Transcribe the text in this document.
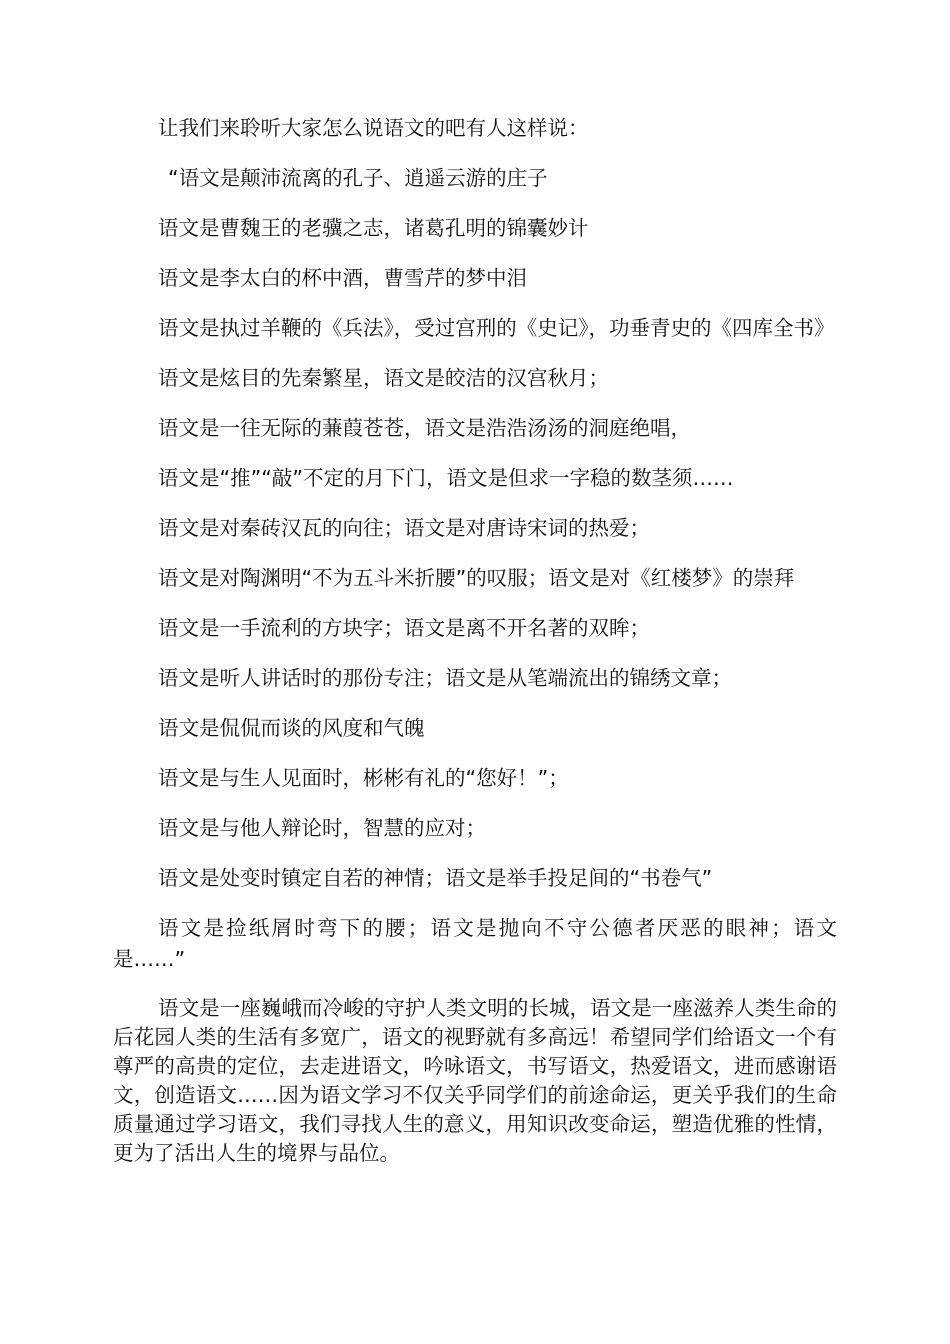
让我们来聆听大家怎么说语文的吧有人这样说：

“语文是颠沛流离的孔子、逍遥云游的庄子

语文是曹魏王的老骥之志，诸葛孔明的锦囊妙计

语文是李太白的杯中酒，曹雪芹的梦中泪

语文是执过羊鞭的《兵法》，受过宫刑的《史记》，功垂青史的《四库全书》

语文是炫目的先秦繁星，语文是皎洁的汉宫秋月；

语文是一往无际的蒹葭苍苍，语文是浩浩汤汤的洞庭绝唱，

语文是“推”“敲”不定的月下门，语文是但求一字稳的数茎须……

语文是对秦砖汉瓦的向往；语文是对唐诗宋词的热爱；

语文是对陶渊明“不为五斗米折腰”的叹服；语文是对《红楼梦》的崇拜

语文是一手流利的方块字；语文是离不开名著的双眸；

语文是听人讲话时的那份专注；语文是从笔端流出的锦绣文章；

语文是侃侃而谈的风度和气魄

语文是与生人见面时，彬彬有礼的“您好！”；

语文是与他人辩论时，智慧的应对；

语文是处变时镇定自若的神情；语文是举手投足间的“书卷气”

语文是捡纸屑时弯下的腰；语文是抛向不守公德者厌恶的眼神；语文是……”

语文是一座巍峨而冷峻的守护人类文明的长城，语文是一座滋养人类生命的后花园人类的生活有多宽广，语文的视野就有多高远！希望同学们给语文一个有尊严的高贵的定位，去走进语文，吟咏语文，书写语文，热爱语文，进而感谢语文，创造语文……因为语文学习不仅关乎同学们的前途命运，更关乎我们的生命质量通过学习语文，我们寻找人生的意义，用知识改变命运，塑造优雅的性情，更为了活出人生的境界与品位。
